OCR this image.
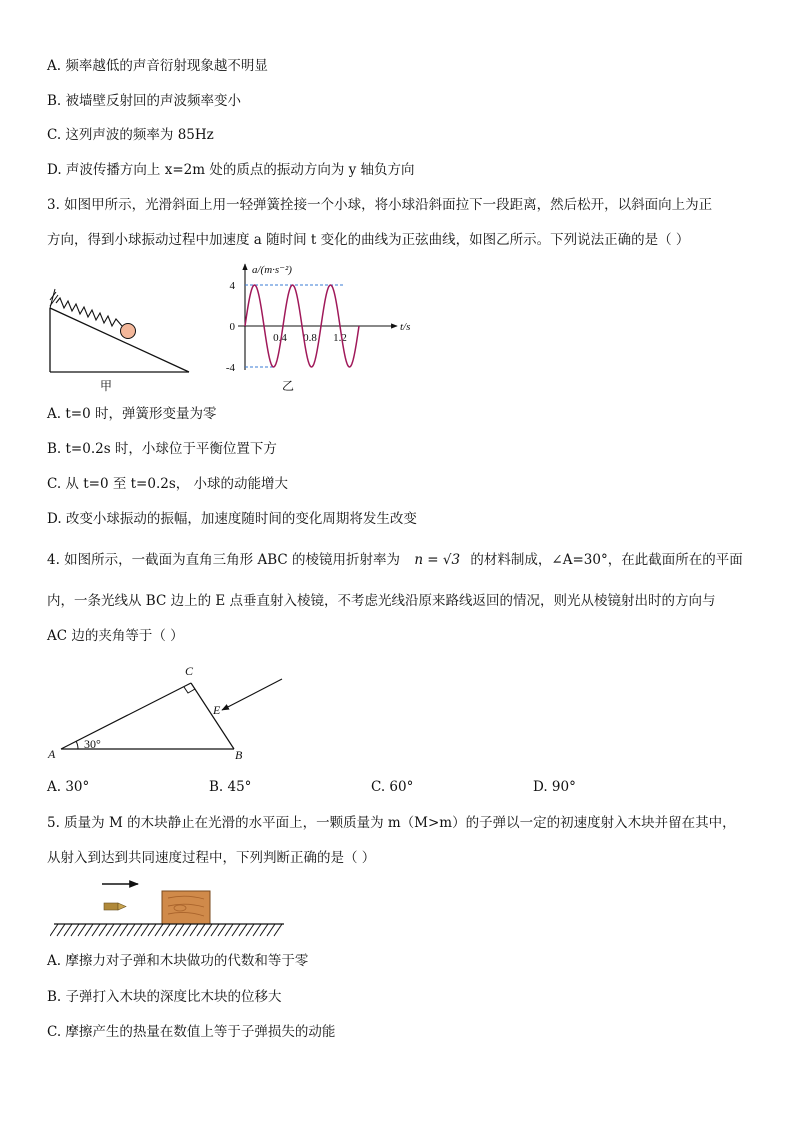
A. 频率越低的声音衍射现象越不明显
B. 被墙壁反射回的声波频率变小
C. 这列声波的频率为 85Hz
D. 声波传播方向上 x=2m 处的质点的振动方向为 y 轴负方向
3. 如图甲所示，光滑斜面上用一轻弹簧拴接一个小球，将小球沿斜面拉下一段距离，然后松开，以斜面向上为正
方向，得到小球振动过程中加速度 a 随时间 t 变化的曲线为正弦曲线，如图乙所示。下列说法正确的是（ ）
甲
a/(m·s⁻²)
t/s
4
0
-4
0.4 0.8 1.2
乙
A. t=0 时，弹簧形变量为零
B. t=0.2s 时，小球位于平衡位置下方
C. 从 t=0 至 t=0.2s， 小球的动能增大
D. 改变小球振动的振幅，加速度随时间的变化周期将发生改变
4. 如图所示，一截面为直角三角形 ABC 的棱镜用折射率为 n = √3 的材料制成，∠A=30°，在此截面所在的平面
内，一条光线从 BC 边上的 E 点垂直射入棱镜，不考虑光线沿原来路线返回的情况，则光从棱镜射出时的方向与
AC 边的夹角等于（ ）
C
A	B
E
30°
A. 30°	B. 45°	C. 60°	D. 90°
5. 质量为 M 的木块静止在光滑的水平面上，一颗质量为 m（M>m）的子弹以一定的初速度射入木块并留在其中，
从射入到达到共同速度过程中，下列判断正确的是（ ）
A. 摩擦力对子弹和木块做功的代数和等于零
B. 子弹打入木块的深度比木块的位移大
C. 摩擦产生的热量在数值上等于子弹损失的动能
